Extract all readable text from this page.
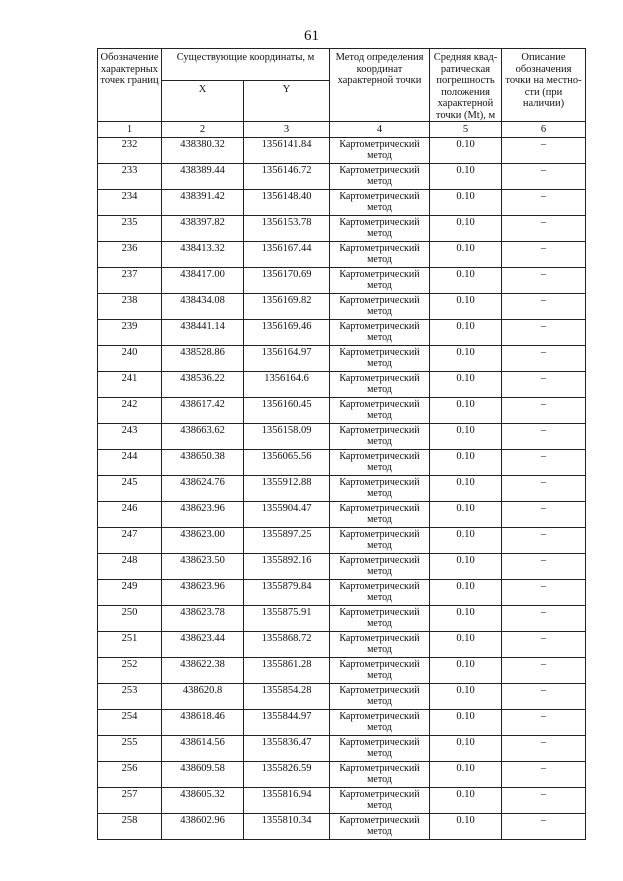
61
Обозначение характерных точек границ	Существующие координаты, м		Метод определения координат характерной точки	Средняя квад-ратическая погрешность положения характерной точки (Mt), м	Описание обозначения точки на местно-сти (при наличии)
	X	Y			
1	2	3	4	5	6
232	438380.32	1356141.84	Картометрический метод	0.10	–
233	438389.44	1356146.72	Картометрический метод	0.10	–
234	438391.42	1356148.40	Картометрический метод	0.10	–
235	438397.82	1356153.78	Картометрический метод	0.10	–
236	438413.32	1356167.44	Картометрический метод	0.10	–
237	438417.00	1356170.69	Картометрический метод	0.10	–
238	438434.08	1356169.82	Картометрический метод	0.10	–
239	438441.14	1356169.46	Картометрический метод	0.10	–
240	438528.86	1356164.97	Картометрический метод	0.10	–
241	438536.22	1356164.6	Картометрический метод	0.10	–
242	438617.42	1356160.45	Картометрический метод	0.10	–
243	438663.62	1356158.09	Картометрический метод	0.10	–
244	438650.38	1356065.56	Картометрический метод	0.10	–
245	438624.76	1355912.88	Картометрический метод	0.10	–
246	438623.96	1355904.47	Картометрический метод	0.10	–
247	438623.00	1355897.25	Картометрический метод	0.10	–
248	438623.50	1355892.16	Картометрический метод	0.10	–
249	438623.96	1355879.84	Картометрический метод	0.10	–
250	438623.78	1355875.91	Картометрический метод	0.10	–
251	438623.44	1355868.72	Картометрический метод	0.10	–
252	438622.38	1355861.28	Картометрический метод	0.10	–
253	438620.8	1355854.28	Картометрический метод	0.10	–
254	438618.46	1355844.97	Картометрический метод	0.10	–
255	438614.56	1355836.47	Картометрический метод	0.10	–
256	438609.58	1355826.59	Картометрический метод	0.10	–
257	438605.32	1355816.94	Картометрический метод	0.10	–
258	438602.96	1355810.34	Картометрический метод	0.10	–
